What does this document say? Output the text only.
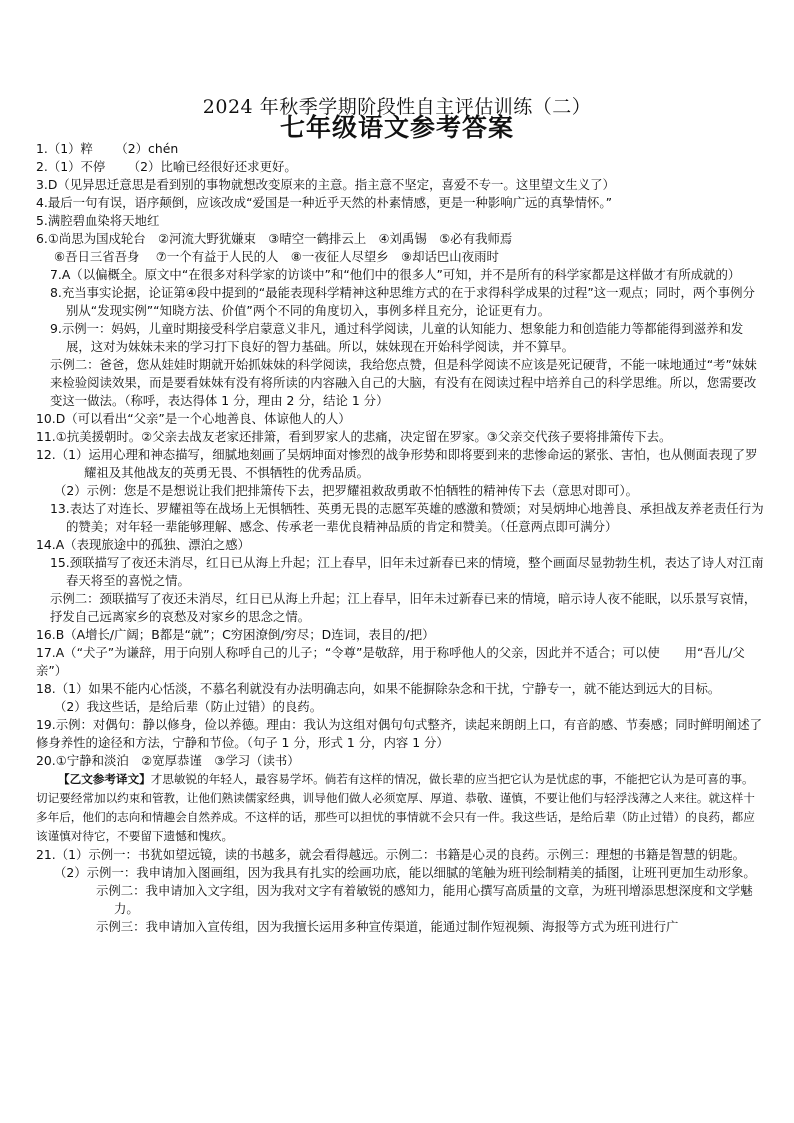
2024 年秋季学期阶段性自主评估训练（二）
七年级语文参考答案
1.（1）粹 　　（2）chén
2.（1）不停 　　（2）比喻已经很好还求更好。
3.D（见异思迁意思是看到别的事物就想改变原来的主意。指主意不坚定，喜爱不专一。这里望文生义了）
4.最后一句有误，语序颠倒，应该改成“爱国是一种近乎天然的朴素情感，更是一种影响广远的真挚情怀。”
5.满腔碧血染将天地红
6.①尚思为国戍轮台　②河流大野犹嫌束　③晴空一鹤排云上　④刘禹锡　⑤必有我师焉
⑥吾日三省吾身　 ⑦一个有益于人民的人　⑧一夜征人尽望乡　⑨却话巴山夜雨时
7.A（以偏概全。原文中“在很多对科学家的访谈中”和“他们中的很多人”可知，并不是所有的科学家都是这样做才有所成就的）
8.充当事实论据，论证第④段中提到的“最能表现科学精神这种思维方式的在于求得科学成果的过程”这一观点；同时，两个事例分别从“发现实例”“知晓方法、价值”两个不同的角度切入，事例多样且充分，论证更有力。
9.示例一：妈妈，儿童时期接受科学启蒙意义非凡，通过科学阅读，儿童的认知能力、想象能力和创造能力等都能得到滋养和发展，这对为妹妹未来的学习打下良好的智力基础。所以，妹妹现在开始科学阅读，并不算早。
示例二：爸爸，您从娃娃时期就开始抓妹妹的科学阅读，我给您点赞，但是科学阅读不应该是死记硬背，不能一味地通过“考”妹妹来检验阅读效果，而是要看妹妹有没有将所读的内容融入自己的大脑，有没有在阅读过程中培养自己的科学思维。所以，您需要改变这一做法。（称呼，表达得体 1 分，理由 2 分，结论 1 分）
10.D（可以看出“父亲”是一个心地善良、体谅他人的人）
11.①抗美援朝时。②父亲去战友老家还排箫，看到罗家人的悲痛，决定留在罗家。③父亲交代孩子要将排箫传下去。
12.（1）运用心理和神态描写，细腻地刻画了吴炳坤面对惨烈的战争形势和即将要到来的悲惨命运的紧张、害怕，也从侧面表现了罗耀祖及其他战友的英勇无畏、不惧牺牲的优秀品质。
（2）示例：您是不是想说让我们把排箫传下去，把罗耀祖救敌勇敢不怕牺牲的精神传下去（意思对即可）。
13.表达了对连长、罗耀祖等在战场上无惧牺牲、英勇无畏的志愿军英雄的感激和赞颂；对吴炳坤心地善良、承担战友养老责任行为的赞美；对年轻一辈能够理解、感念、传承老一辈优良精神品质的肯定和赞美。（任意两点即可满分）
14.A（表现旅途中的孤独、漂泊之感）
15.颈联描写了夜还未消尽，红日已从海上升起；江上春早，旧年未过新春已来的情境，整个画面尽显勃勃生机，表达了诗人对江南春天将至的喜悦之情。
示例二：颈联描写了夜还未消尽，红日已从海上升起；江上春早，旧年未过新春已来的情境，暗示诗人夜不能眠，以乐景写哀情，抒发自己远离家乡的哀愁及对家乡的思念之情。
16.B（A增长/广阔；B都是“就”；C穷困潦倒/穷尽；D连词，表目的/把）
17.A（“犬子”为谦辞，用于向别人称呼自己的儿子；“令尊”是敬辞，用于称呼他人的父亲，因此并不适合；可以使　　用“吾儿/父亲”）
18.（1）如果不能内心恬淡，不慕名利就没有办法明确志向，如果不能摒除杂念和干扰，宁静专一，就不能达到远大的目标。
（2）我这些话，是给后辈（防止过错）的良药。
19.示例：对偶句：静以修身，俭以养德。理由：我认为这组对偶句句式整齐，读起来朗朗上口，有音韵感、节奏感；同时鲜明阐述了修身养性的途径和方法，宁静和节俭。（句子 1 分，形式 1 分，内容 1 分）
20.①宁静和淡泊　②宽厚恭谨　③学习（读书）
【乙文参考译文】才思敏锐的年轻人，最容易学坏。倘若有这样的情况，做长辈的应当把它认为是忧虑的事，不能把它认为是可喜的事。切记要经常加以约束和管教，让他们熟读儒家经典，训导他们做人必须宽厚、厚道、恭敬、谨慎，不要让他们与轻浮浅薄之人来往。就这样十多年后，他们的志向和情趣会自然养成。不这样的话，那些可以担忧的事情就不会只有一件。我这些话，是给后辈（防止过错）的良药，都应该谨慎对待它，不要留下遗憾和愧疚。
21.（1）示例一：书犹如望远镜，读的书越多，就会看得越远。示例二：书籍是心灵的良药。示例三：理想的书籍是智慧的钥匙。
（2）示例一：我申请加入图画组，因为我具有扎实的绘画功底，能以细腻的笔触为班刊绘制精美的插图，让班刊更加生动形象。
示例二：我申请加入文字组，因为我对文字有着敏锐的感知力，能用心撰写高质量的文章，为班刊增添思想深度和文学魅力。
示例三：我申请加入宣传组，因为我擅长运用多种宣传渠道，能通过制作短视频、海报等方式为班刊进行广
